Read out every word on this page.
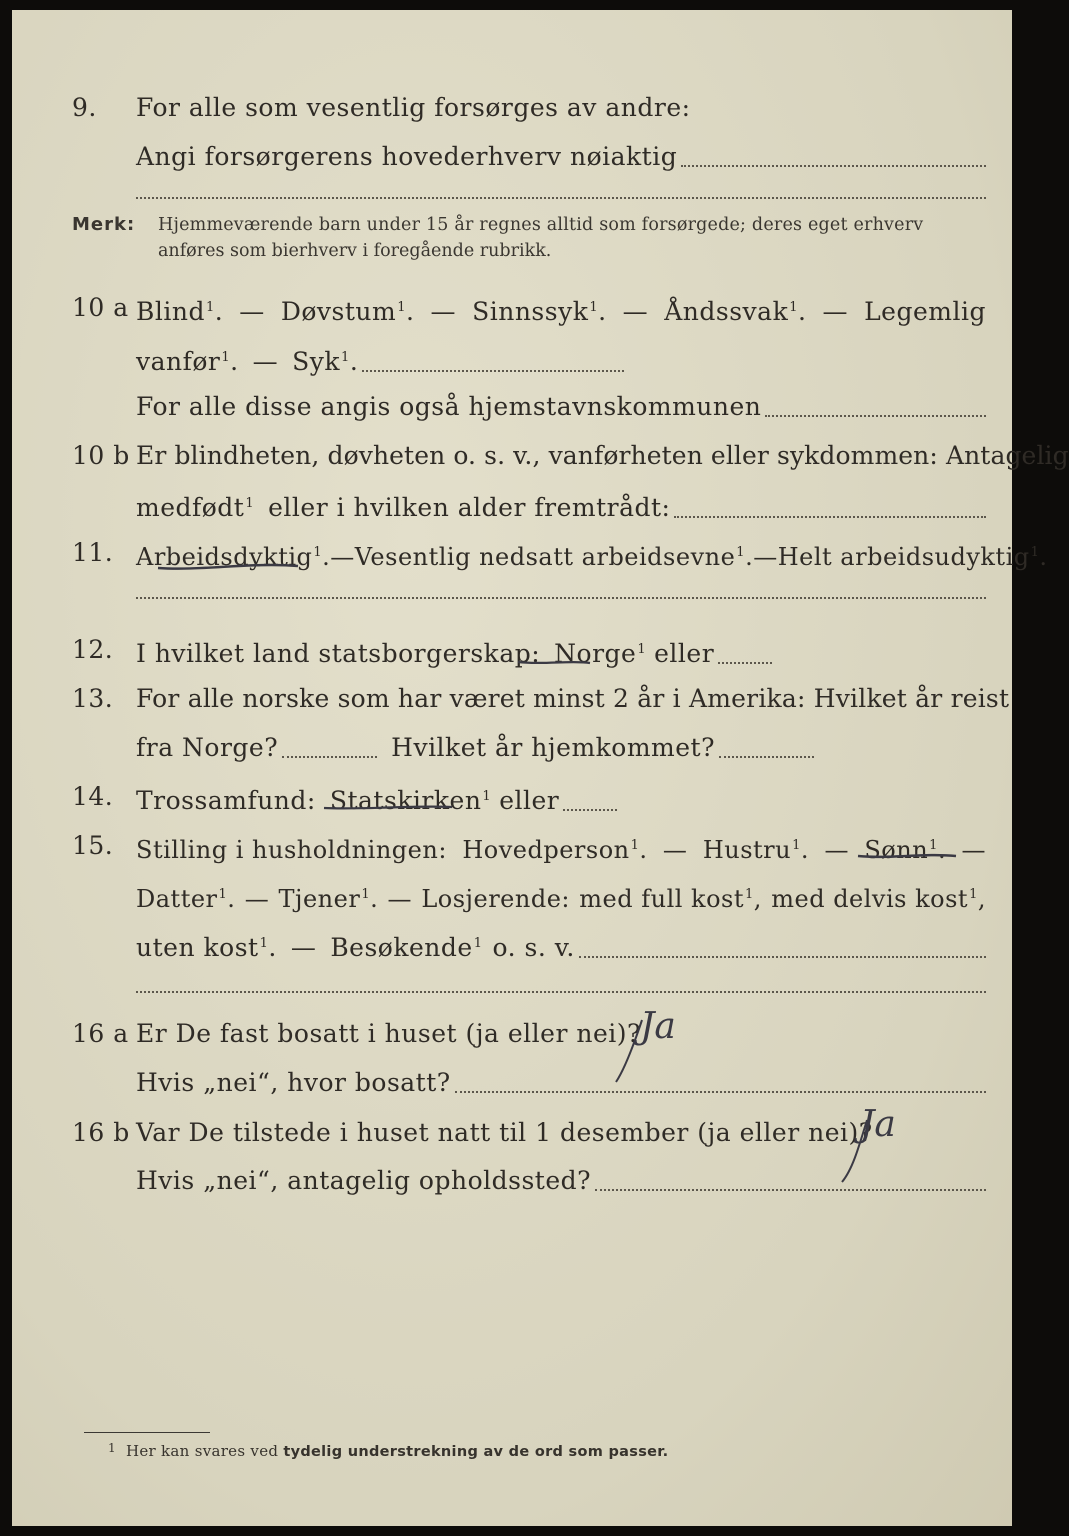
9.	For alle som vesentlig forsørges av andre:
Angi forsørgerens hovederhverv nøiaktig
Merk: Hjemmeværende barn under 15 år regnes alltid som forsørgede; deres eget erhverv
anføres som bierhverv i foregående rubrikk.
10 a Blind$^1$. — Døvstum$^1$. — Sinnssyk$^1$. — Åndssvak$^1$. — Legemlig
vanfør$^1$. — Syk$^1$.
For alle disse angis også hjemstavnskommunen
10 b Er blindheten, døvheten o. s. v., vanførheten eller sykdommen: Antagelig
medfødt$^1$ eller i hvilken alder fremtrådt:
11. Arbeidsdyktig$^1$. — Vesentlig nedsatt arbeidsevne$^1$. — Helt arbeidsudyktig$^1$.
12. I hvilket land statsborgerskap: Norge$^1$ eller
13. For alle norske som har været minst 2 år i Amerika: Hvilket år reist
fra Norge?	Hvilket år hjemkommet?
14. Trossamfund: Statskirken$^1$ eller
15. Stilling i husholdningen: Hovedperson$^1$. — Hustru$^1$. — Sønn$^1$. —
Datter$^1$. — Tjener$^1$. — Losjerende: med full kost$^1$, med delvis kost$^1$,
uten kost$^1$. — Besøkende$^1$ o. s. v.
16 a Er De fast bosatt i huset (ja eller nei)?
Hvis „nei“, hvor bosatt?
Ja
16 b Var De tilstede i huset natt til 1 desember (ja eller nei)?
Hvis „nei“, antagelig opholdssted?
Ja
$^1$ Her kan svares ved tydelig understrekning av de ord som passer.
